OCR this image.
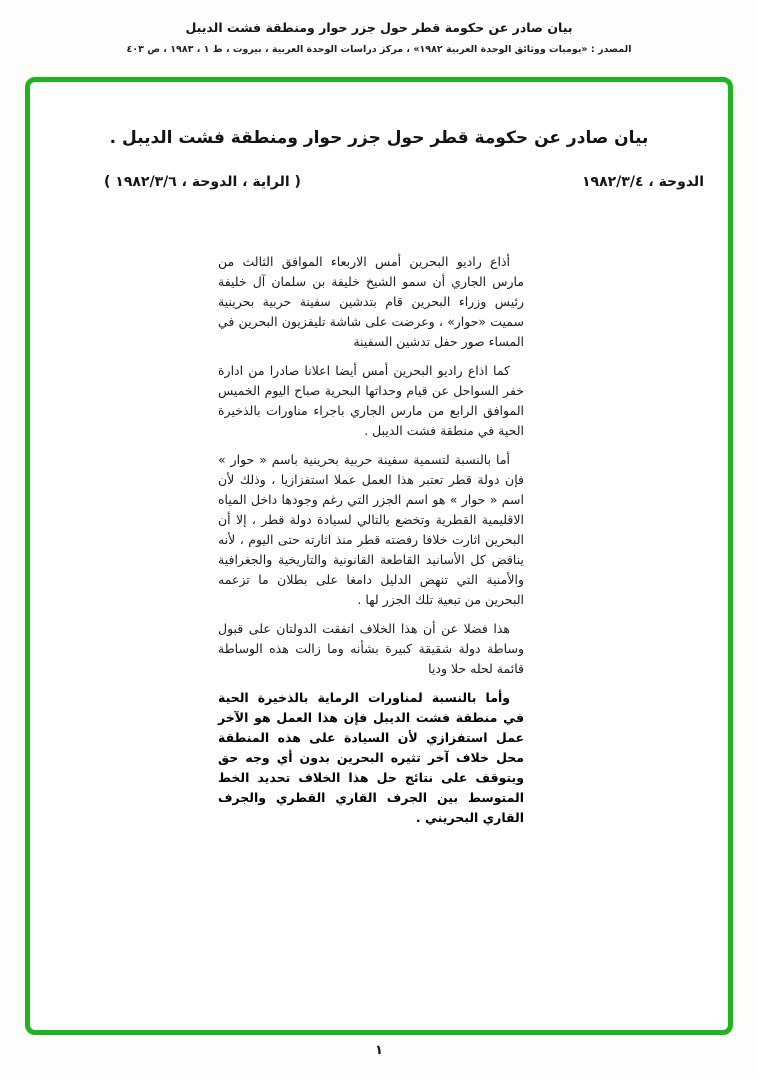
بيان صادر عن حكومة قطر حول جزر حوار ومنطقة فشت الديبل
المصدر : «يوميات ووثائق الوحدة العربية ١٩٨٢» ، مركز دراسات الوحدة العربية ، بيروت ، ط ١ ، ١٩٨٣ ، ص ٤٠٣
بيان صادر عن حكومة قطر حول جزر حوار ومنطقة فشت الديبل .
الدوحة ، ١٩٨٢/٣/٤
( الراية ، الدوحة ، ١٩٨٢/٣/٦ )

أذاع راديو البحرين أمس الاربعاء الموافق الثالث من مارس الجاري أن سمو الشيخ خليفة بن سلمان آل خليفة رئيس وزراء البحرين قام بتدشين سفينة حربية بحرينية سميت «حوار» ، وعرضت على شاشة تليفزيون البحرين في المساء صور حفل تدشين السفينة

كما اذاع راديو البحرين أمس أيضا اعلانا صادرا من ادارة خفر السواحل عن قيام وحداتها البحرية صباح اليوم الخميس الموافق الرابع من مارس الجاري باجراء مناورات بالذخيرة الحية في منطقة فشت الديبل .

أما بالنسبة لتسمية سفينة حربية بحرينية باسم « حوار » فإن دولة قطر تعتبر هذا العمل عملا استفزازيا ، وذلك لأن اسم « حوار » هو اسم الجزر التي رغم وجودها داخل المياه الاقليمية القطرية وتخضع بالتالي لسيادة دولة قطر ، إلا أن البحرين اثارت خلافا رفضته قطر منذ اثارته حتى اليوم ، لأنه يناقض كل الأسانيد القاطعة القانونية والتاريخية والجغرافية والأمنية التي تنهض الدليل دامغا على بطلان ما تزعمه البحرين من تبعية تلك الجزر لها .

هذا فضلا عن أن هذا الخلاف اتفقت الدولتان على قبول وساطة دولة شقيقة كبيرة بشأنه وما زالت هذه الوساطة قائمة لحله حلا وديا

وأما بالنسبة لمناورات الرماية بالذخيرة الحية في منطقة فشت الديبل فإن هذا العمل هو الآخر عمل استفزازي لأن السيادة على هذه المنطقة محل خلاف آخر تثيره البحرين بدون أي وجه حق ويتوقف على نتائج حل هذا الخلاف تحديد الخط المتوسط بين الجرف القاري القطري والجرف القاري البحريني .

١
